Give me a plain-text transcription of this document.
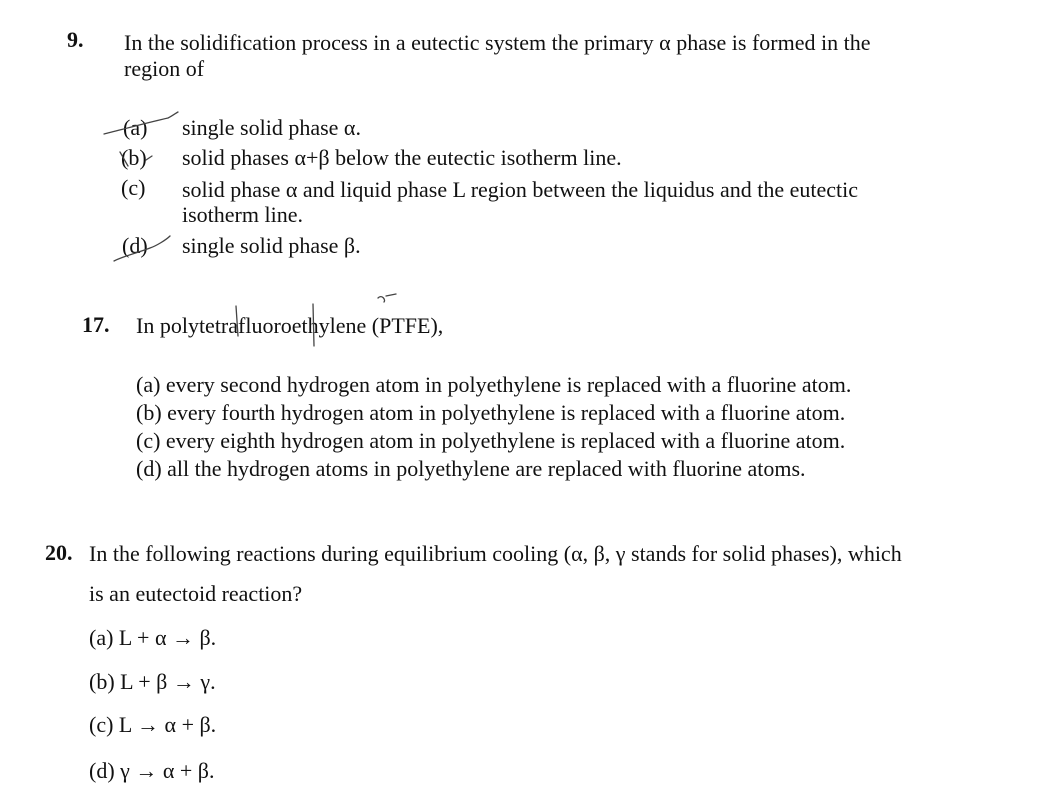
9. In the solidification process in a eutectic system the primary α phase is formed in the
region of
(a) single solid phase α.
(b) solid phases α+β below the eutectic isotherm line.
(c) solid phase α and liquid phase L region between the liquidus and the eutectic
isotherm line.
(d) single solid phase β.
17. In polytetrafluoroethylene (PTFE),
(a) every second hydrogen atom in polyethylene is replaced with a fluorine atom.
(b) every fourth hydrogen atom in polyethylene is replaced with a fluorine atom.
(c) every eighth hydrogen atom in polyethylene is replaced with a fluorine atom.
(d) all the hydrogen atoms in polyethylene are replaced with fluorine atoms.
20. In the following reactions during equilibrium cooling (α, β, γ stands for solid phases), which
is an eutectoid reaction?
(a) L + α → β.
(b) L + β → γ.
(c) L → α + β.
(d) γ → α + β.
